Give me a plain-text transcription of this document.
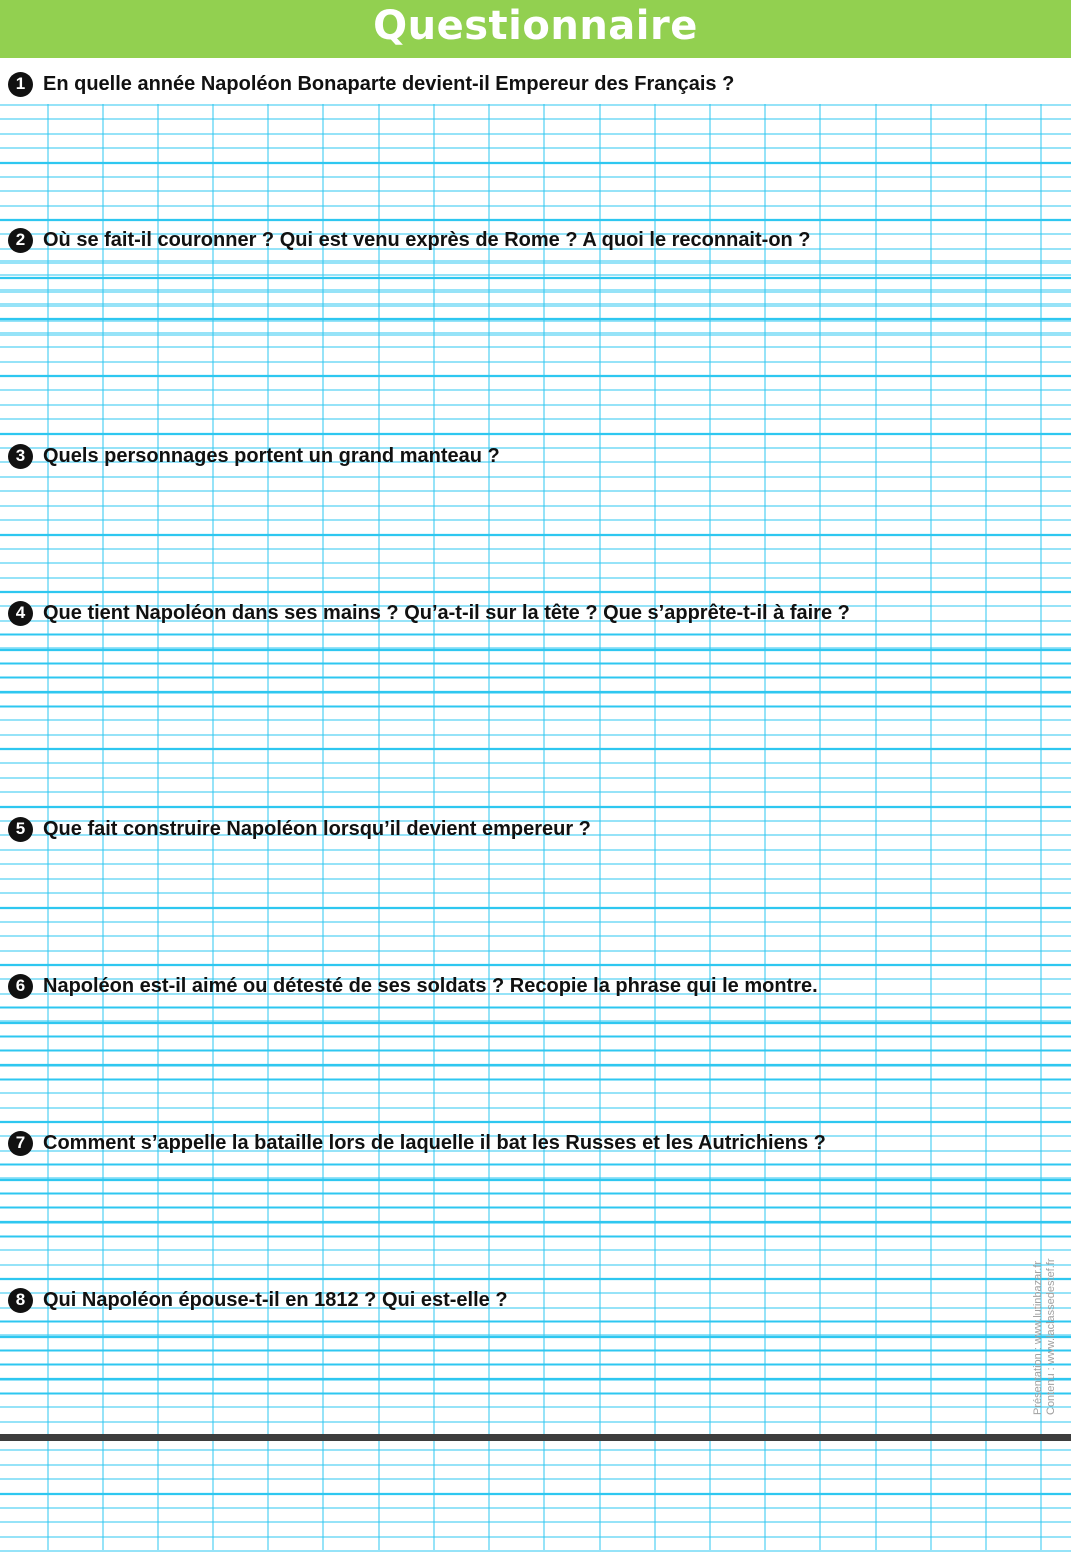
Questionnaire
1 En quelle année Napoléon Bonaparte devient-il Empereur des Français ?
2 Où se fait-il couronner ? Qui est venu exprès de Rome ? A quoi le reconnait-on ?
3 Quels personnages portent un grand manteau ?
4 Que tient Napoléon dans ses mains ? Qu’a-t-il sur la tête ? Que s’apprête-t-il à faire ?
5 Que fait construire Napoléon lorsqu’il devient empereur ?
6 Napoléon est-il aimé ou détesté de ses soldats ? Recopie la phrase qui le montre.
7 Comment s’appelle la bataille lors de laquelle il bat les Russes et les Autrichiens ?
8 Qui Napoléon épouse-t-il en 1812 ? Qui est-elle ?	Présentation : www.lutinbazar.fr Contenu : www.laclassedestef.fr
